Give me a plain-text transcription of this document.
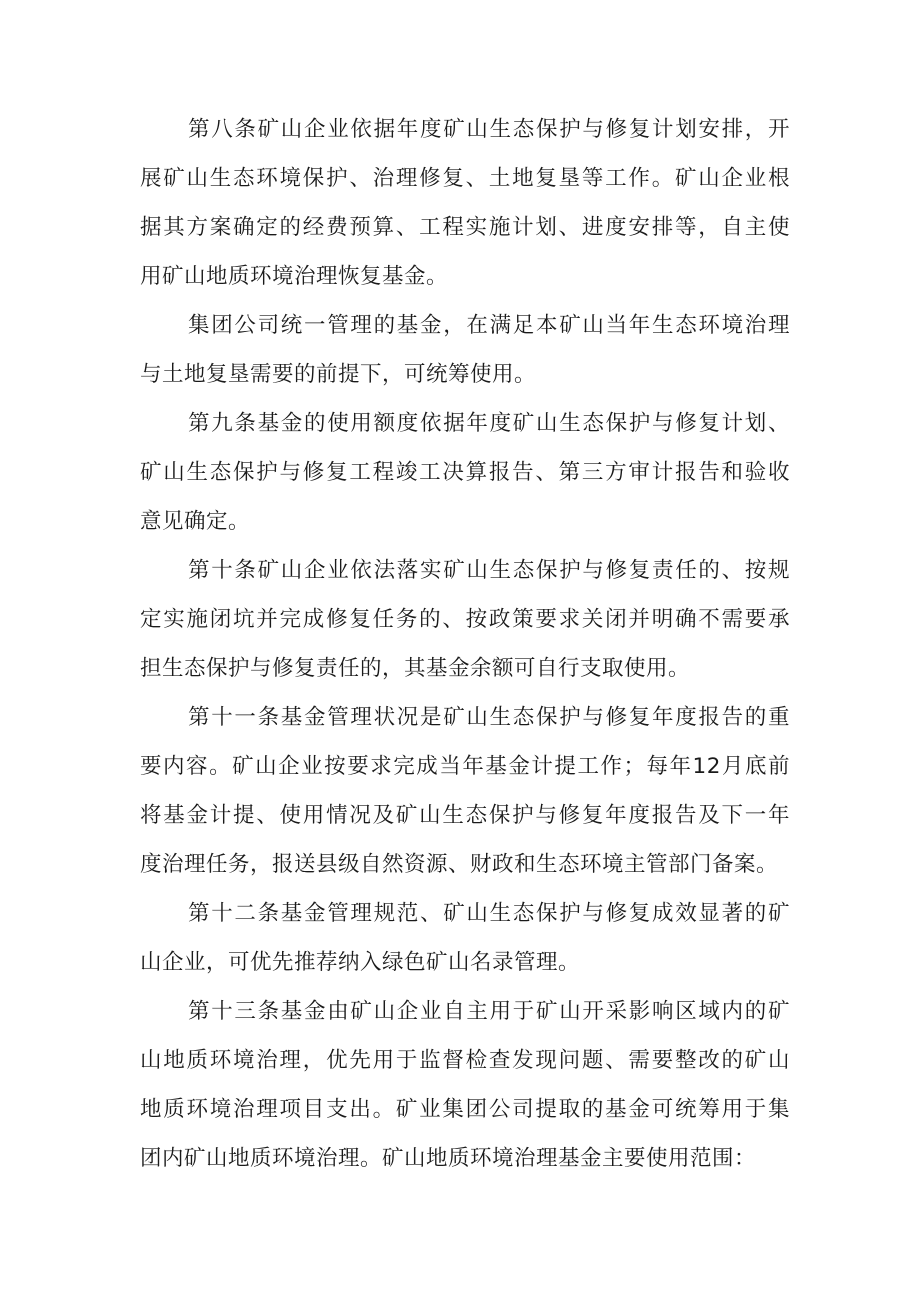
第八条矿山企业依据年度矿山生态保护与修复计划安排，开
展矿山生态环境保护、治理修复、土地复垦等工作。矿山企业根
据其方案确定的经费预算、工程实施计划、进度安排等，自主使
用矿山地质环境治理恢复基金。
集团公司统一管理的基金，在满足本矿山当年生态环境治理
与土地复垦需要的前提下，可统筹使用。
第九条基金的使用额度依据年度矿山生态保护与修复计划、
矿山生态保护与修复工程竣工决算报告、第三方审计报告和验收
意见确定。
第十条矿山企业依法落实矿山生态保护与修复责任的、按规
定实施闭坑并完成修复任务的、按政策要求关闭并明确不需要承
担生态保护与修复责任的，其基金余额可自行支取使用。
第十一条基金管理状况是矿山生态保护与修复年度报告的重
要内容。矿山企业按要求完成当年基金计提工作；每年12月底前
将基金计提、使用情况及矿山生态保护与修复年度报告及下一年
度治理任务，报送县级自然资源、财政和生态环境主管部门备案。
第十二条基金管理规范、矿山生态保护与修复成效显著的矿
山企业，可优先推荐纳入绿色矿山名录管理。
第十三条基金由矿山企业自主用于矿山开采影响区域内的矿
山地质环境治理，优先用于监督检查发现问题、需要整改的矿山
地质环境治理项目支出。矿业集团公司提取的基金可统筹用于集
团内矿山地质环境治理。矿山地质环境治理基金主要使用范围：
